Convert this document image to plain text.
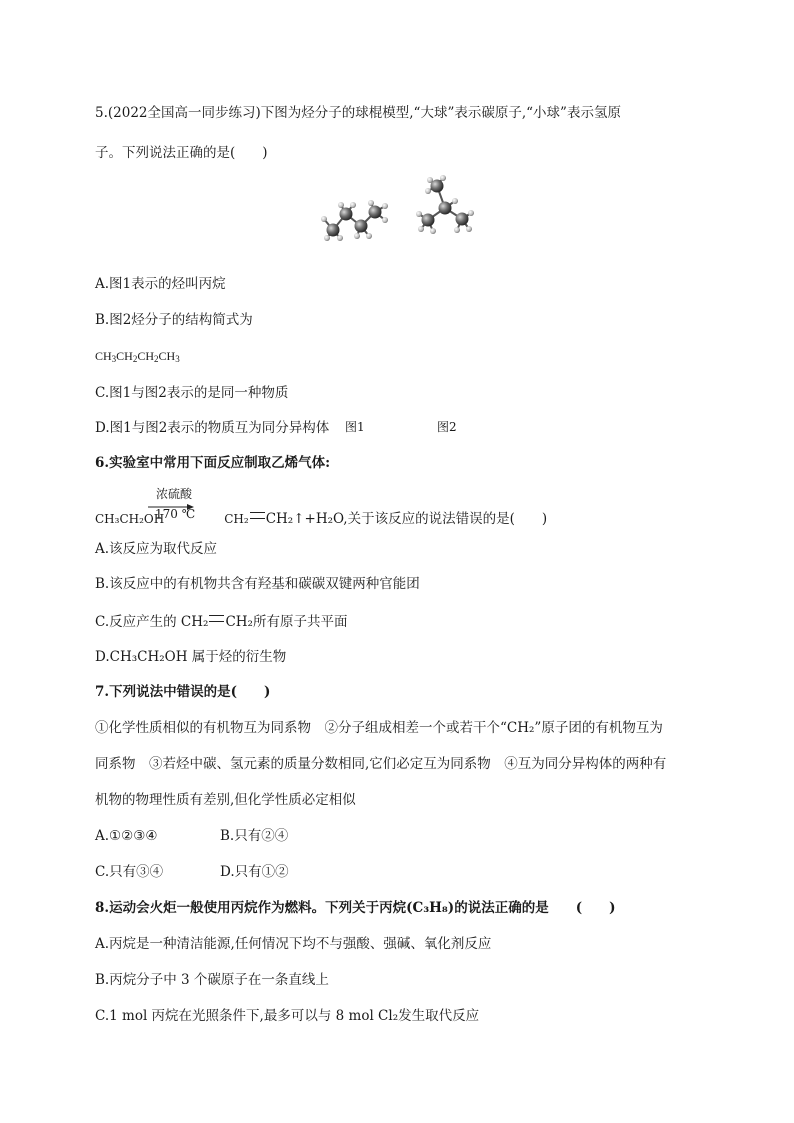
5.(2022全国高一同步练习)下图为烃分子的球棍模型,“大球”表示碳原子,“小球”表示氢原
子。下列说法正确的是(　　)
图1	图2
A.图1表示的烃叫丙烷
B.图2烃分子的结构简式为
$CH_3CH_2CH_2CH_3$
C.图1与图2表示的是同一种物质
D.图1与图2表示的物质互为同分异构体
6.实验室中常用下面反应制取乙烯气体:
浓硫酸
170 ℃
CH₃CH₂OH	CH₂ CH₂↑+H₂O,关于该反应的说法错误的是(　　)
A.该反应为取代反应
B.该反应中的有机物共含有羟基和碳碳双键两种官能团
C.反应产生的 CH₂ CH₂所有原子共平面
D.CH₃CH₂OH 属于烃的衍生物
7.下列说法中错误的是(　　)
①化学性质相似的有机物互为同系物　②分子组成相差一个或若干个“CH₂”原子团的有机物互为
同系物　③若烃中碳、氢元素的质量分数相同,它们必定互为同系物　④互为同分异构体的两种有
机物的物理性质有差别,但化学性质必定相似
A.①②③④	B.只有②④
C.只有③④	D.只有①②
8.运动会火炬一般使用丙烷作为燃料。下列关于丙烷(C₃H₈)的说法正确的是　　(　　)
A.丙烷是一种清洁能源,任何情况下均不与强酸、强碱、氧化剂反应
B.丙烷分子中 3 个碳原子在一条直线上
C.1 mol 丙烷在光照条件下,最多可以与 8 mol Cl₂发生取代反应
